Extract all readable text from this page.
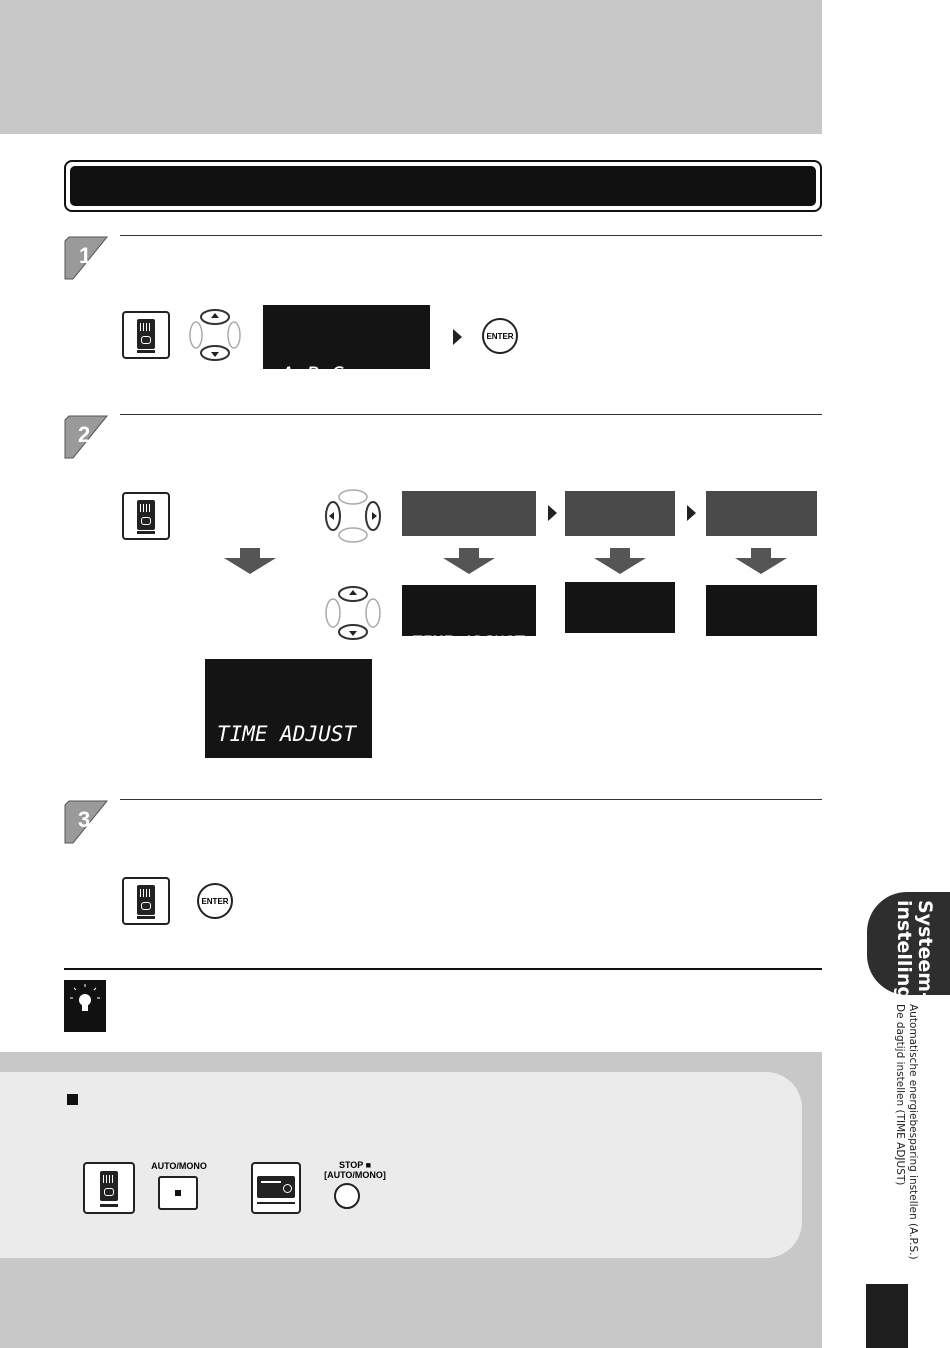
1

A.P.S.

▶TIME ADJUST

ENTER
2

TIME ADJUST

SUNDAY

	12

	:00

TIME ADJUST

SUNDAY

12:00

3
ENTER
AUTO/MONO	STOP ■
[AUTO/MONO]
Systeem-
instelling
Automatische energiebesparing instellen (A.P.S.)
De dagtijd instellen (TIME ADJUST)
